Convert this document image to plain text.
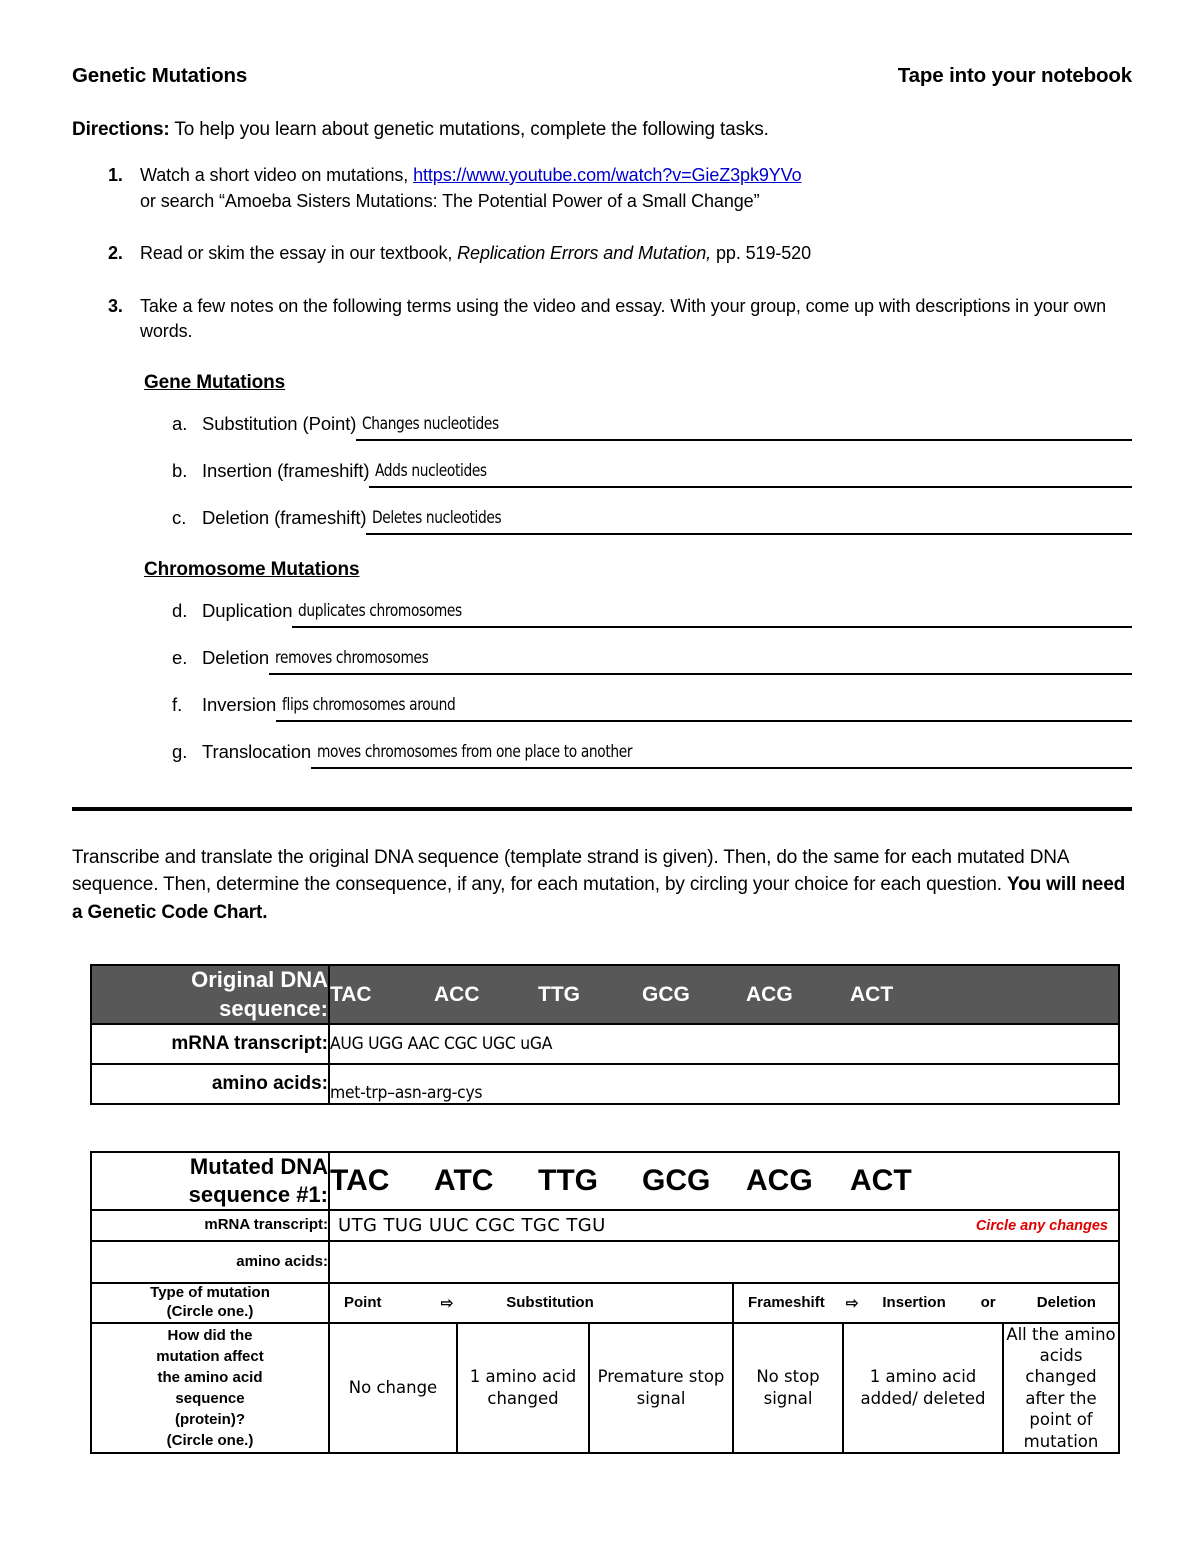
Genetic Mutations	Tape into your notebook
Directions: To help you learn about genetic mutations, complete the following tasks.
1. Watch a short video on mutations, https://www.youtube.com/watch?v=GieZ3pk9YVo
or search “Amoeba Sisters Mutations: The Potential Power of a Small Change”
2. Read or skim the essay in our textbook, Replication Errors and Mutation, pp. 519-520
3. Take a few notes on the following terms using the video and essay. With your group, come up with descriptions in your own words.
Gene Mutations
a. Substitution (Point) Changes nucleotides
b. Insertion (frameshift) Adds nucleotides
c. Deletion (frameshift) Deletes nucleotides
Chromosome Mutations
d. Duplication duplicates chromosomes
e. Deletion removes chromosomes
f.	Inversion flips chromosomes around
g. Translocation moves chromosomes from one place to another
Transcribe and translate the original DNA sequence (template strand is given). Then, do the same for each mutated DNA sequence. Then, determine the consequence, if any, for each mutation, by circling your choice for each question. You will need a Genetic Code Chart.
Original DNA sequence:

TAC	ACC	TTG	GCG	ACG	ACT

mRNA transcript:	AUG UGG AAC CGC UGC uGA
amino acids:	met-trp–asn-arg-cys
Mutated DNA sequence #1:	TAC	ATC	TTG	GCG	ACG	ACT

mRNA transcript:	UTG TUG UUC CGC TGC TGU Circle any changes					

amino acids:						

Type of mutation
(Circle one.)	Point	⇨	Substitution	Frameshift	⇨	Insertion	or	Deletion

How did the
mutation affect
the amino acid
sequence
(protein)?
(Circle one.)
	No change	1 amino acid changed	Premature stop signal	No stop signal	1 amino acid added/ deleted	All the amino acids changed after the point of mutation
